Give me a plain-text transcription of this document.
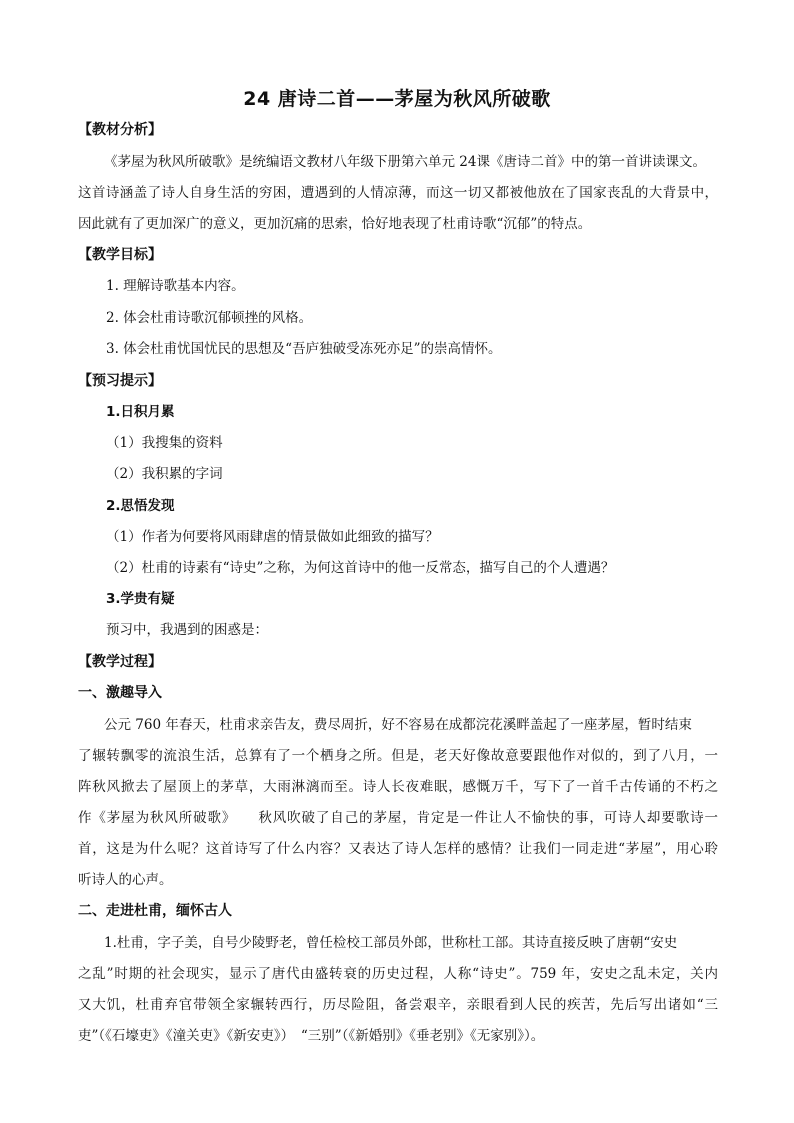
24 唐诗二首——茅屋为秋风所破歌
【教材分析】
《茅屋为秋风所破歌》是统编语文教材八年级下册第六单元 24课《唐诗二首》中的第一首讲读课文。
这首诗涵盖了诗人自身生活的穷困，遭遇到的人情凉薄，而这一切又都被他放在了国家丧乱的大背景中，
因此就有了更加深广的意义，更加沉痛的思索，恰好地表现了杜甫诗歌“沉郁”的特点。
【教学目标】
1. 理解诗歌基本内容。
2. 体会杜甫诗歌沉郁顿挫的风格。
3. 体会杜甫忧国忧民的思想及“吾庐独破受冻死亦足”的崇高情怀。
【预习提示】
1.日积月累
（1）我搜集的资料
（2）我积累的字词
2.思悟发现
（1）作者为何要将风雨肆虐的情景做如此细致的描写？
（2）杜甫的诗素有“诗史”之称，为何这首诗中的他一反常态，描写自己的个人遭遇？
3.学贵有疑
预习中，我遇到的困惑是：
【教学过程】
一、激趣导入
公元 760 年春天，杜甫求亲告友，费尽周折，好不容易在成都浣花溪畔盖起了一座茅屋，暂时结束
了辗转飘零的流浪生活，总算有了一个栖身之所。但是，老天好像故意要跟他作对似的，到了八月，一
阵秋风掀去了屋顶上的茅草，大雨淋漓而至。诗人长夜难眠，感慨万千，写下了一首千古传诵的不朽之
作《茅屋为秋风所破歌》　　秋风吹破了自己的茅屋，肯定是一件让人不愉快的事，可诗人却要歌诗一
首，这是为什么呢？这首诗写了什么内容？又表达了诗人怎样的感情？让我们一同走进“茅屋”，用心聆
听诗人的心声。
二、走进杜甫，缅怀古人
1.杜甫，字子美，自号少陵野老，曾任检校工部员外郎，世称杜工部。其诗直接反映了唐朝“安史
之乱”时期的社会现实，显示了唐代由盛转衰的历史过程，人称“诗史”。759 年，安史之乱未定，关内
又大饥，杜甫弃官带领全家辗转西行，历尽险阻，备尝艰辛，亲眼看到人民的疾苦，先后写出诸如“三
吏”（《石壕吏》《潼关吏》《新安吏》）　“三别”（《新婚别》《垂老别》《无家别》）。
